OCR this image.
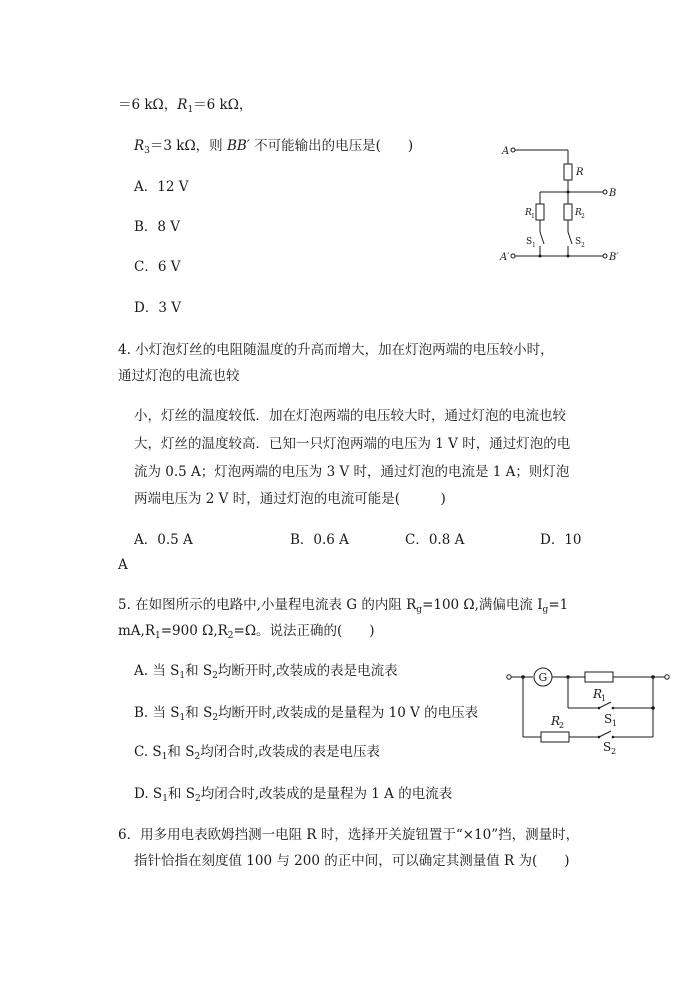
＝6 kΩ，$R_1=6$ kΩ，
$R_3=3$ kΩ，则 BB′ 不可能输出的电压是(　　)
A．12 V
B．8 V
C．6 V
D．3 V
A
R
B
R 1	R 2
S 1	S 2
A′	B′
4. 小灯泡灯丝的电阻随温度的升高而增大，加在灯泡两端的电压较小时，
通过灯泡的电流也较
小，灯丝的温度较低．加在灯泡两端的电压较大时，通过灯泡的电流也较
大，灯丝的温度较高．已知一只灯泡两端的电压为 1 V 时，通过灯泡的电
流为 0.5 A；灯泡两端的电压为 3 V 时，通过灯泡的电流是 1 A；则灯泡
两端电压为 2 V 时，通过灯泡的电流可能是(　　　)
A．0.5 A	B．0.6 A	C．0.8 A	D．10
A
5. 在如图所示的电路中,小量程电流表 G 的内阻 $R_g=100$ Ω,满偏电流 $I_g=1$
$mA,R_1=900$ $\Omega,R_2=\Omega$。说法正确的(　　)
A. 当 $S_1$和 $S_2$均断开时,改装成的表是电流表
B. 当 $S_1$和 $S_2$均断开时,改装成的是量程为 10 V 的电压表
C. $S_1$和 $S_2$均闭合时,改装成的表是电压表
D. $S_1$和 $S_2$均闭合时,改装成的是量程为 1 A 的电流表
G
R
1
R
2	S 1
S 2
6．用多用电表欧姆挡测一电阻 R 时，选择开关旋钮置于“×10”挡，测量时，
指针恰指在刻度值 100 与 200 的正中间，可以确定其测量值 R 为(　　)
